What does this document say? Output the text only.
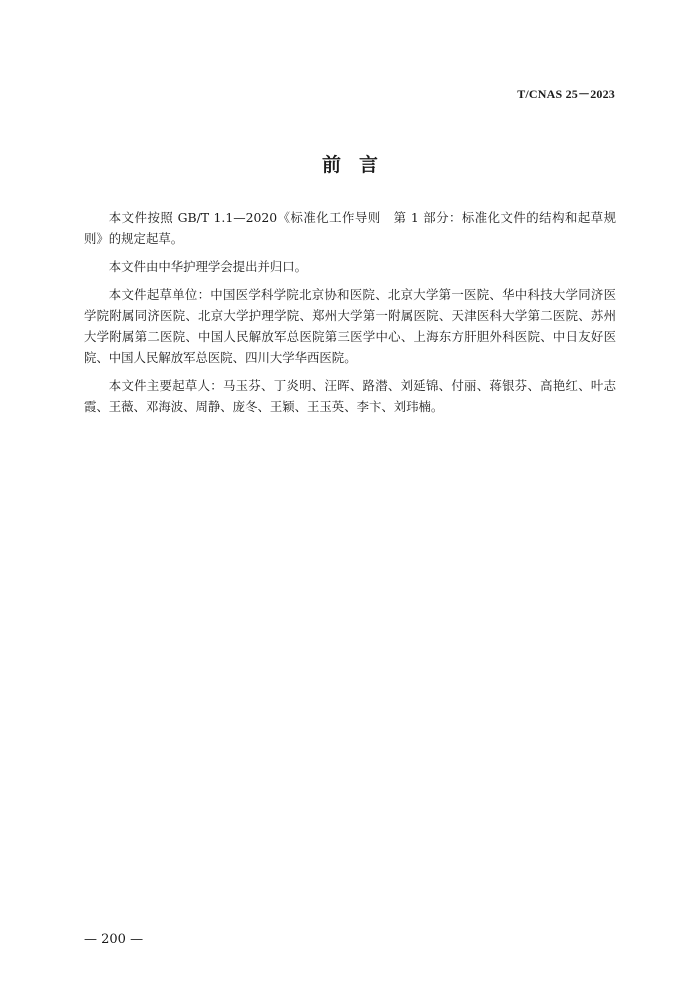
T/CNAS 25－2023
前言

本文件按照 GB/T 1.1—2020《标准化工作导则　第 1 部分：标准化文件的结构和起草规则》的规定起草。

本文件由中华护理学会提出并归口。

本文件起草单位：中国医学科学院北京协和医院、北京大学第一医院、华中科技大学同济医学院附属同济医院、北京大学护理学院、郑州大学第一附属医院、天津医科大学第二医院、苏州大学附属第二医院、中国人民解放军总医院第三医学中心、上海东方肝胆外科医院、中日友好医院、中国人民解放军总医院、四川大学华西医院。

本文件主要起草人：马玉芬、丁炎明、汪晖、路潜、刘延锦、付丽、蒋银芬、高艳红、叶志霞、王薇、邓海波、周静、庞冬、王颖、王玉英、李卞、刘玮楠。

— 200 —
